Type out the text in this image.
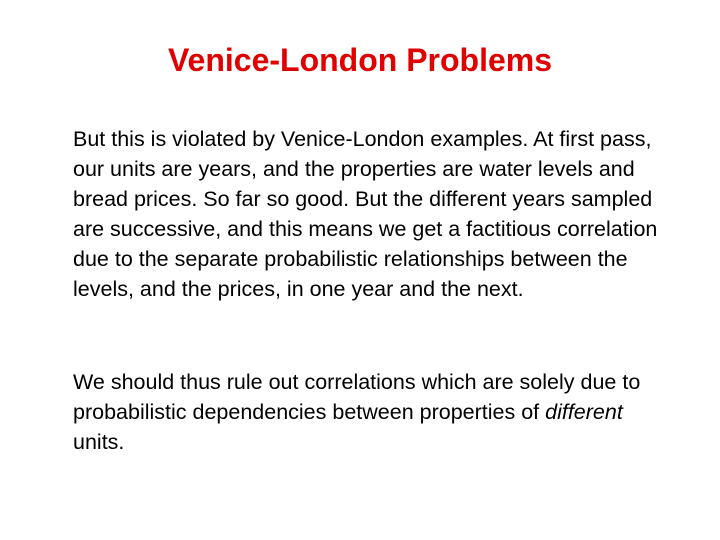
Venice-London Problems

But this is violated by Venice-London examples. At first pass, our units are years, and the properties are water levels and bread prices. So far so good. But the different years sampled are successive, and this means we get a factitious correlation due to the separate probabilistic relationships between the levels, and the prices, in one year and the next.

We should thus rule out correlations which are solely due to probabilistic dependencies between properties of different units.
